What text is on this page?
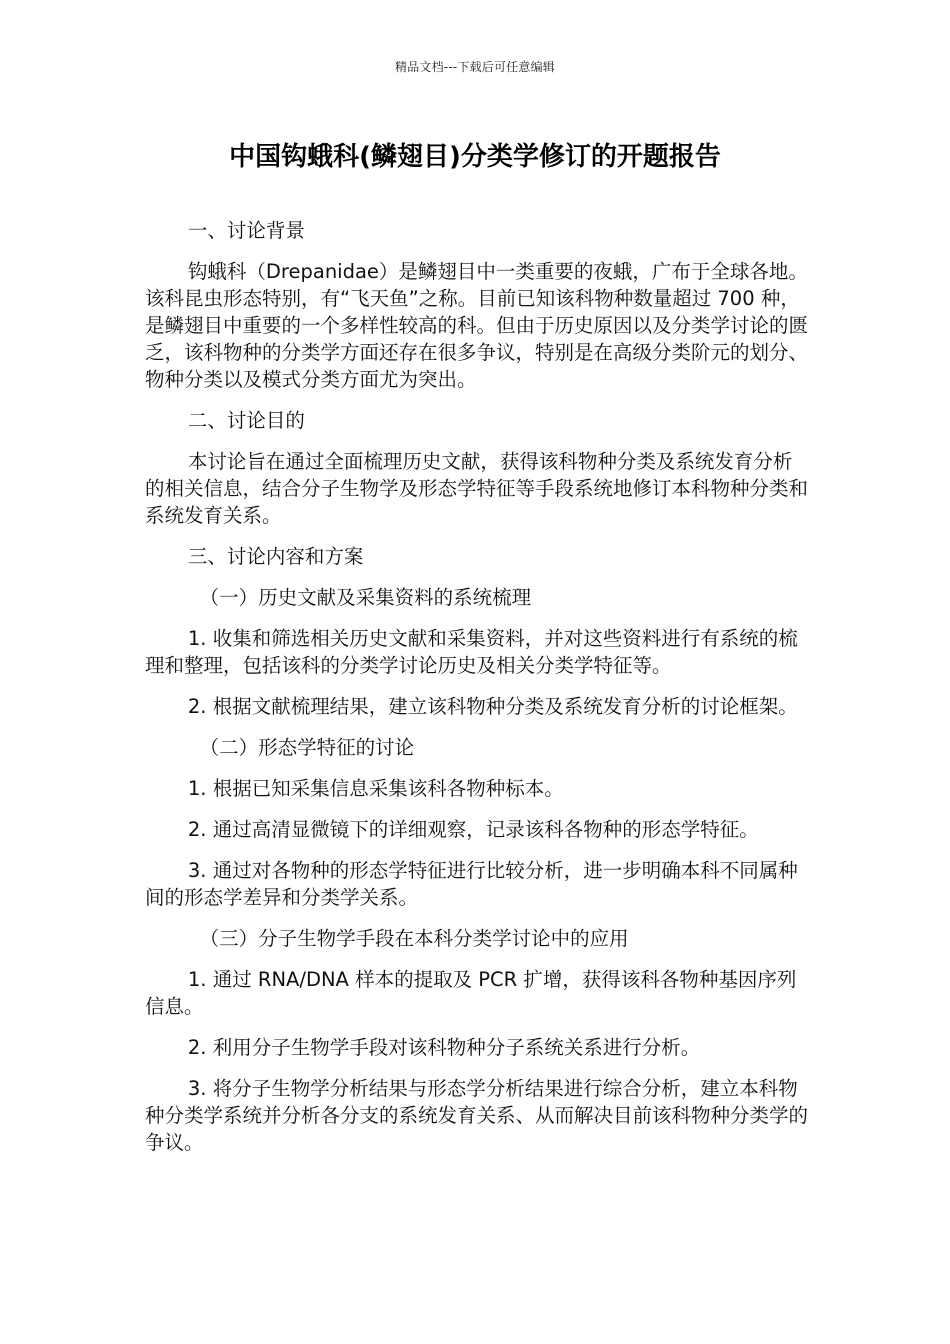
精品文档---下载后可任意编辑
中国钩蛾科(鳞翅目)分类学修订的开题报告

一、讨论背景

钩蛾科（Drepanidae）是鳞翅目中一类重要的夜蛾，广布于全球各地。该科昆虫形态特别，有“飞天鱼”之称。目前已知该科物种数量超过 700 种，是鳞翅目中重要的一个多样性较高的科。但由于历史原因以及分类学讨论的匮乏，该科物种的分类学方面还存在很多争议，特别是在高级分类阶元的划分、物种分类以及模式分类方面尤为突出。

二、讨论目的

本讨论旨在通过全面梳理历史文献，获得该科物种分类及系统发育分析的相关信息，结合分子生物学及形态学特征等手段系统地修订本科物种分类和系统发育关系。

三、讨论内容和方案

（一）历史文献及采集资料的系统梳理

1. 收集和筛选相关历史文献和采集资料，并对这些资料进行有系统的梳理和整理，包括该科的分类学讨论历史及相关分类学特征等。

2. 根据文献梳理结果，建立该科物种分类及系统发育分析的讨论框架。

（二）形态学特征的讨论

1. 根据已知采集信息采集该科各物种标本。

2. 通过高清显微镜下的详细观察，记录该科各物种的形态学特征。

3. 通过对各物种的形态学特征进行比较分析，进一步明确本科不同属种间的形态学差异和分类学关系。

（三）分子生物学手段在本科分类学讨论中的应用

1. 通过 RNA/DNA 样本的提取及 PCR 扩增，获得该科各物种基因序列信息。

2. 利用分子生物学手段对该科物种分子系统关系进行分析。

3. 将分子生物学分析结果与形态学分析结果进行综合分析，建立本科物种分类学系统并分析各分支的系统发育关系、从而解决目前该科物种分类学的争议。
